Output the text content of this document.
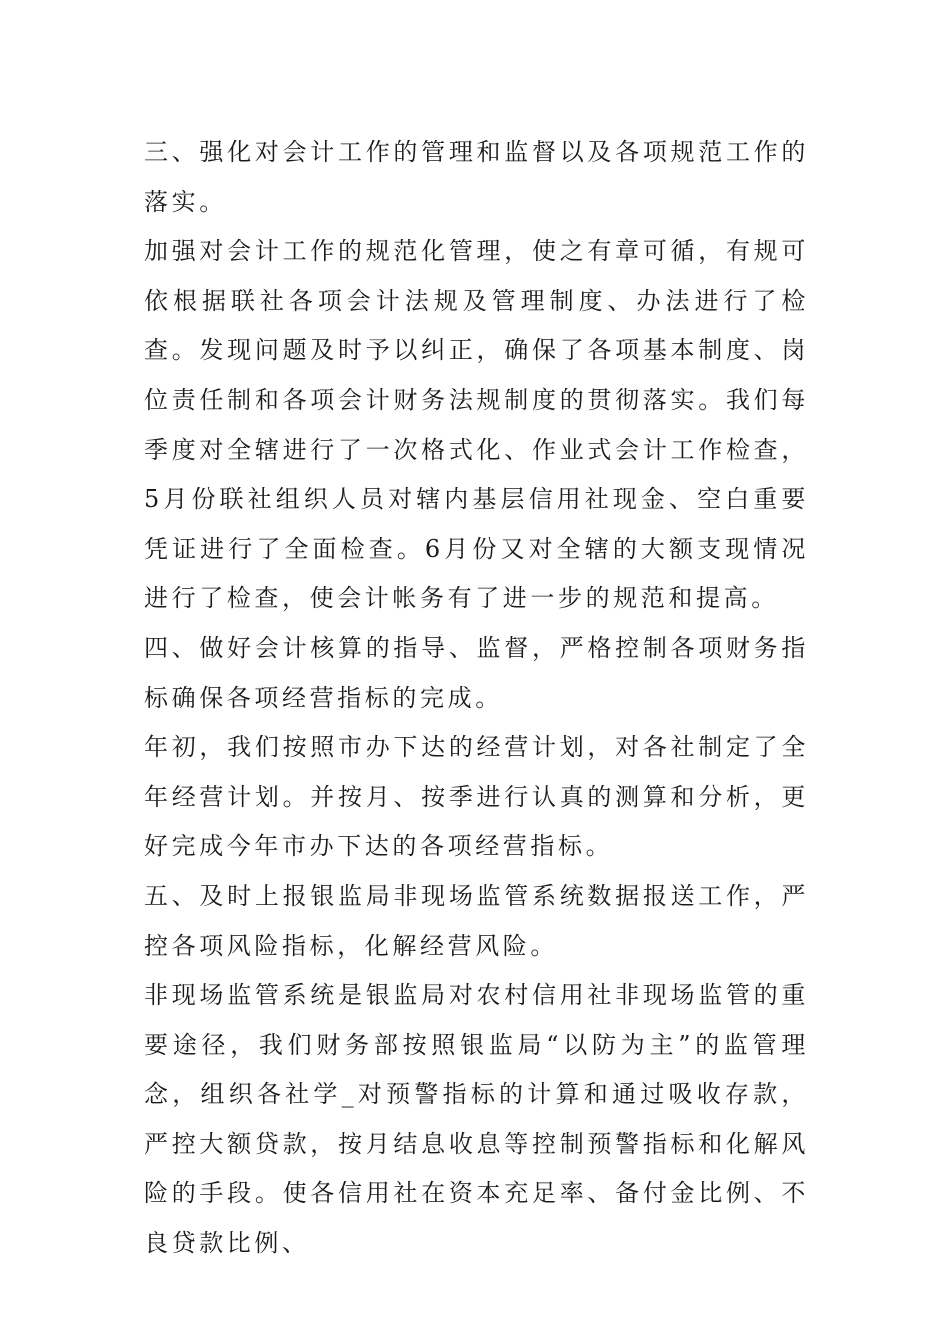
三、强化对会计工作的管理和监督以及各项规范工作的落实。

加强对会计工作的规范化管理，使之有章可循，有规可依根据联社各项会计法规及管理制度、办法进行了检查。发现问题及时予以纠正，确保了各项基本制度、岗位责任制和各项会计财务法规制度的贯彻落实。我们每季度对全辖进行了一次格式化、作业式会计工作检查，5月份联社组织人员对辖内基层信用社现金、空白重要凭证进行了全面检查。6月份又对全辖的大额支现情况进行了检查，使会计帐务有了进一步的规范和提高。

四、做好会计核算的指导、监督，严格控制各项财务指标确保各项经营指标的完成。

年初，我们按照市办下达的经营计划，对各社制定了全年经营计划。并按月、按季进行认真的测算和分析，更好完成今年市办下达的各项经营指标。

五、及时上报银监局非现场监管系统数据报送工作，严控各项风险指标，化解经营风险。

非现场监管系统是银监局对农村信用社非现场监管的重要途径，我们财务部按照银监局“以防为主”的监管理念，组织各社学_对预警指标的计算和通过吸收存款，严控大额贷款，按月结息收息等控制预警指标和化解风险的手段。使各信用社在资本充足率、备付金比例、不良贷款比例、
